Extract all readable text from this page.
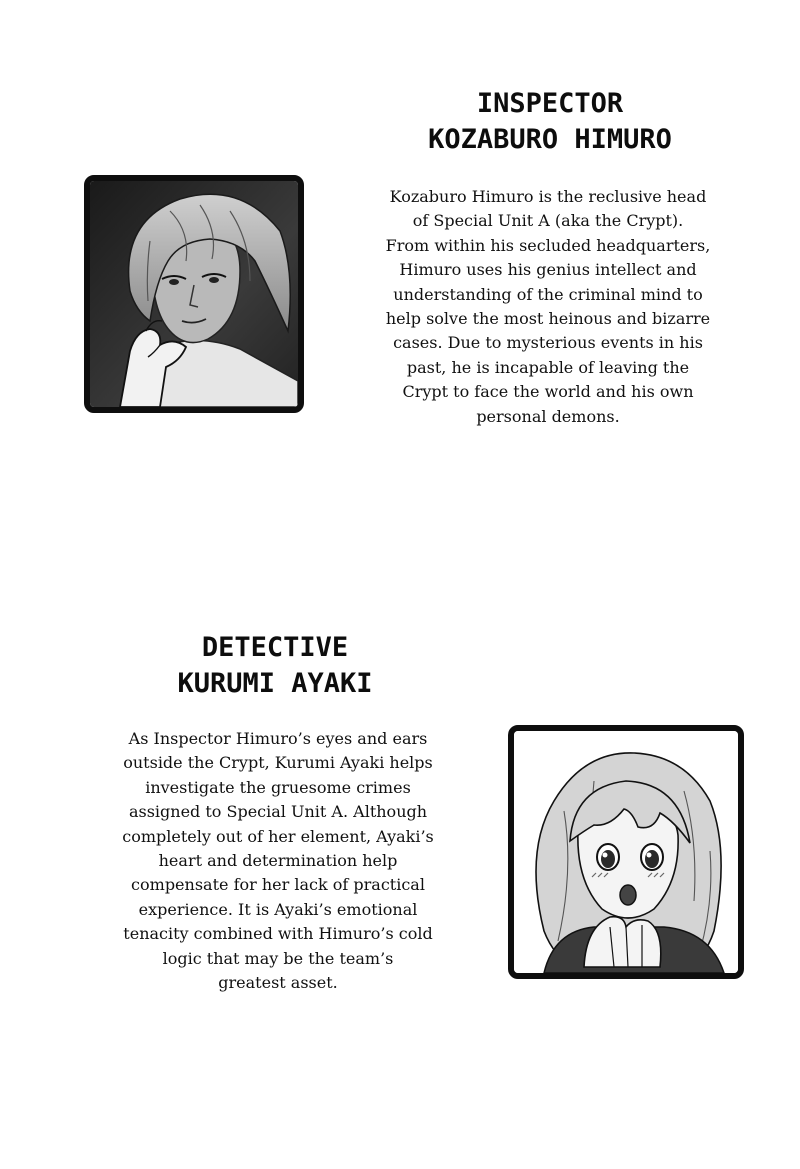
INSPECTOR
KOZABURO HIMURO
Kozaburo Himuro is the reclusive head
of Special Unit A (aka the Crypt).
From within his secluded headquarters,
Himuro uses his genius intellect and
understanding of the criminal mind to
help solve the most heinous and bizarre
cases. Due to mysterious events in his
past, he is incapable of leaving the
Crypt to face the world and his own
personal demons.
DETECTIVE
KURUMI AYAKI
As Inspector Himuro’s eyes and ears
outside the Crypt, Kurumi Ayaki helps
investigate the gruesome crimes
assigned to Special Unit A. Although
completely out of her element, Ayaki’s
heart and determination help
compensate for her lack of practical
experience. It is Ayaki’s emotional
tenacity combined with Himuro’s cold
logic that may be the team’s
greatest asset.
